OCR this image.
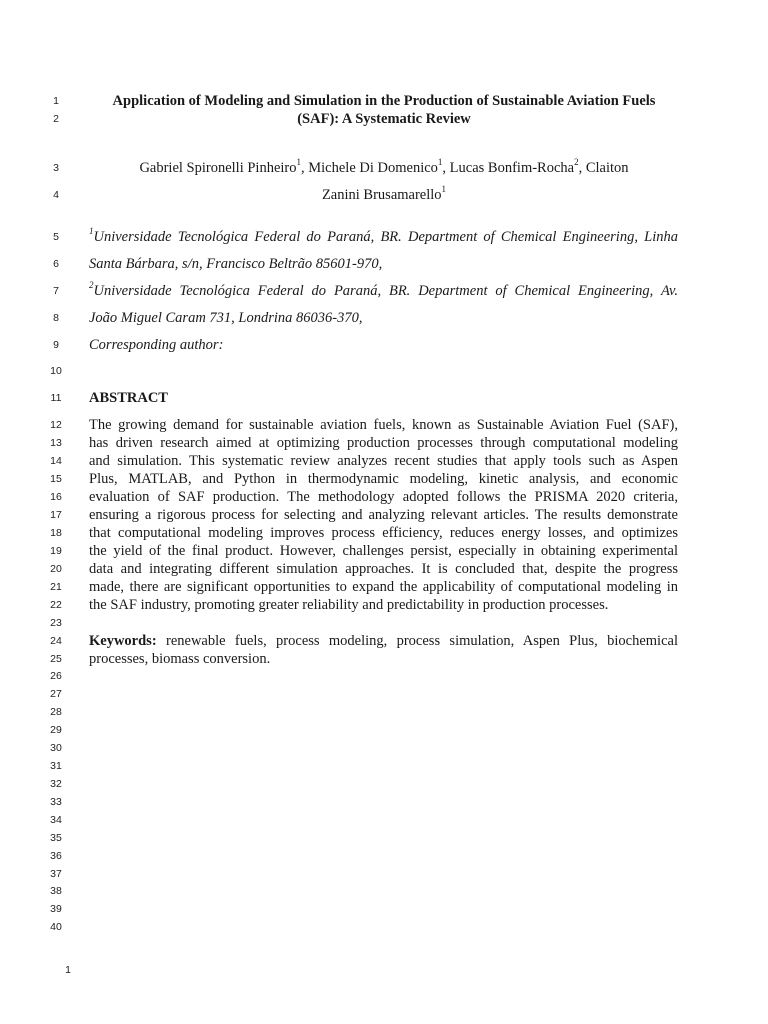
1
2
3
4
5
6
7
8
9
10
11
12
13
14
15
16
17
18
19
20
21
22
23
24
25
26
27
28
29
30
31
32
33
34
35
36
37
38
39
40
Application of Modeling and Simulation in the Production of Sustainable Aviation Fuels
(SAF): A Systematic Review
Gabriel Spironelli Pinheiro$^1$, Michele Di Domenico$^1$, Lucas Bonfim-Rocha$^2$, Claiton
Zanini Brusamarello$^1$
$^1$Universidade Tecnológica Federal do Paraná, BR. Department of Chemical Engineering, Linha
Santa Bárbara, s/n, Francisco Beltrão 85601-970,
$^2$Universidade Tecnológica Federal do Paraná, BR. Department of Chemical Engineering, Av.
João Miguel Caram 731, Londrina 86036-370,
Corresponding author:
ABSTRACT
The growing demand for sustainable aviation fuels, known as Sustainable Aviation Fuel (SAF),
has driven research aimed at optimizing production processes through computational modeling
and simulation. This systematic review analyzes recent studies that apply tools such as Aspen
Plus, MATLAB, and Python in thermodynamic modeling, kinetic analysis, and economic
evaluation of SAF production. The methodology adopted follows the PRISMA 2020 criteria,
ensuring a rigorous process for selecting and analyzing relevant articles. The results demonstrate
that computational modeling improves process efficiency, reduces energy losses, and optimizes
the yield of the final product. However, challenges persist, especially in obtaining experimental
data and integrating different simulation approaches. It is concluded that, despite the progress
made, there are significant opportunities to expand the applicability of computational modeling in
the SAF industry, promoting greater reliability and predictability in production processes.
Keywords: renewable fuels, process modeling, process simulation, Aspen Plus, biochemical
processes, biomass conversion.
1
